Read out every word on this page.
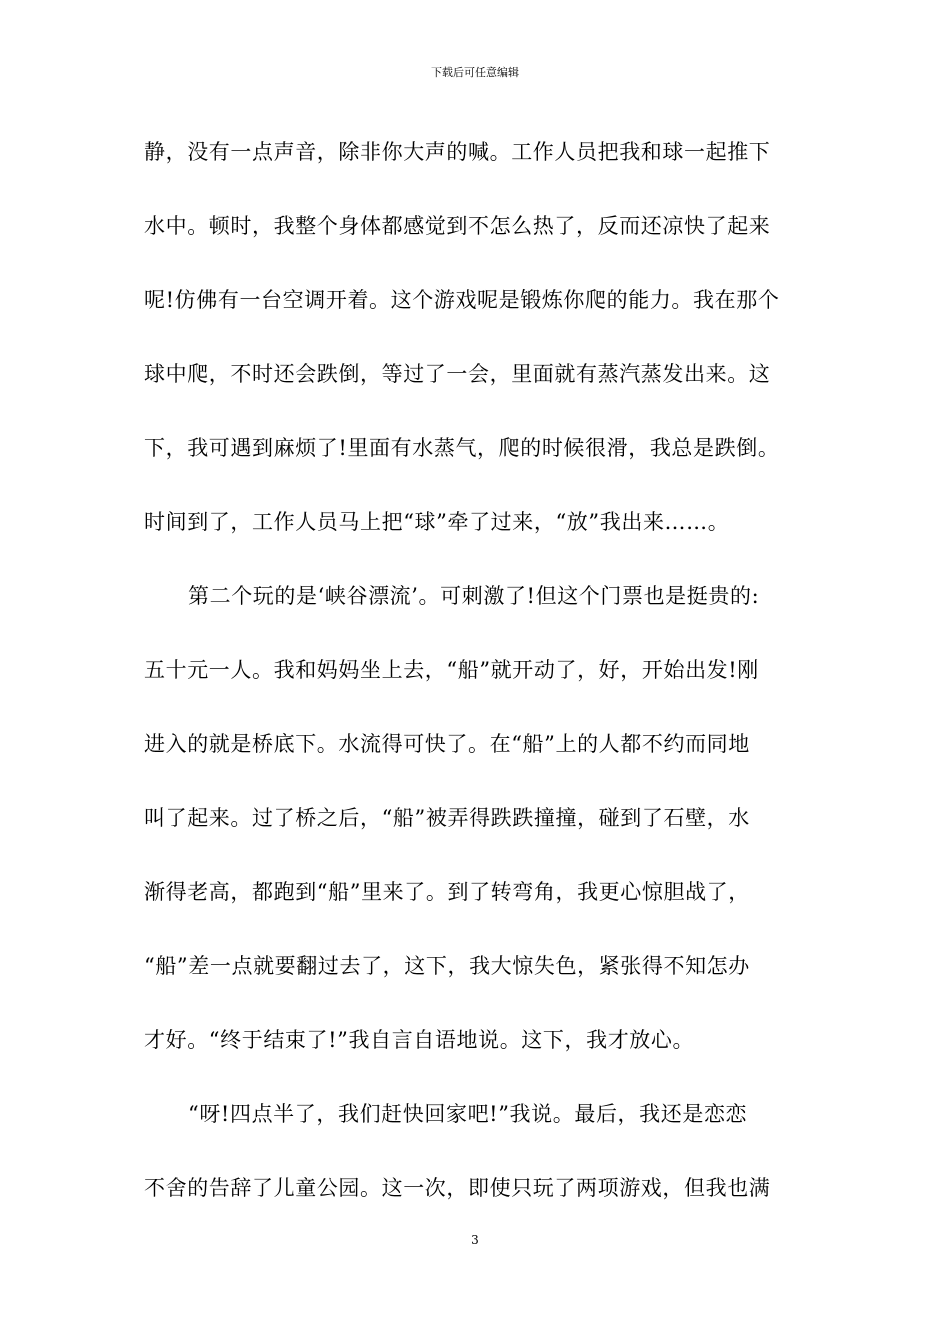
下载后可任意编辑
静，没有一点声音，除非你大声的喊。工作人员把我和球一起推下
水中。顿时，我整个身体都感觉到不怎么热了，反而还凉快了起来
呢!仿佛有一台空调开着。这个游戏呢是锻炼你爬的能力。我在那个
球中爬，不时还会跌倒，等过了一会，里面就有蒸汽蒸发出来。这
下，我可遇到麻烦了!里面有水蒸气，爬的时候很滑，我总是跌倒。
时间到了，工作人员马上把“球”牵了过来，“放”我出来……。
第二个玩的是‘峡谷漂流’。可刺激了!但这个门票也是挺贵的:
五十元一人。我和妈妈坐上去，“船”就开动了，好，开始出发!刚
进入的就是桥底下。水流得可快了。在“船”上的人都不约而同地
叫了起来。过了桥之后，“船”被弄得跌跌撞撞，碰到了石壁，水
渐得老高，都跑到“船”里来了。到了转弯角，我更心惊胆战了，
“船”差一点就要翻过去了，这下，我大惊失色，紧张得不知怎办
才好。“终于结束了!”我自言自语地说。这下，我才放心。
“呀!四点半了，我们赶快回家吧!”我说。最后，我还是恋恋
不舍的告辞了儿童公园。这一次，即使只玩了两项游戏，但我也满
3
